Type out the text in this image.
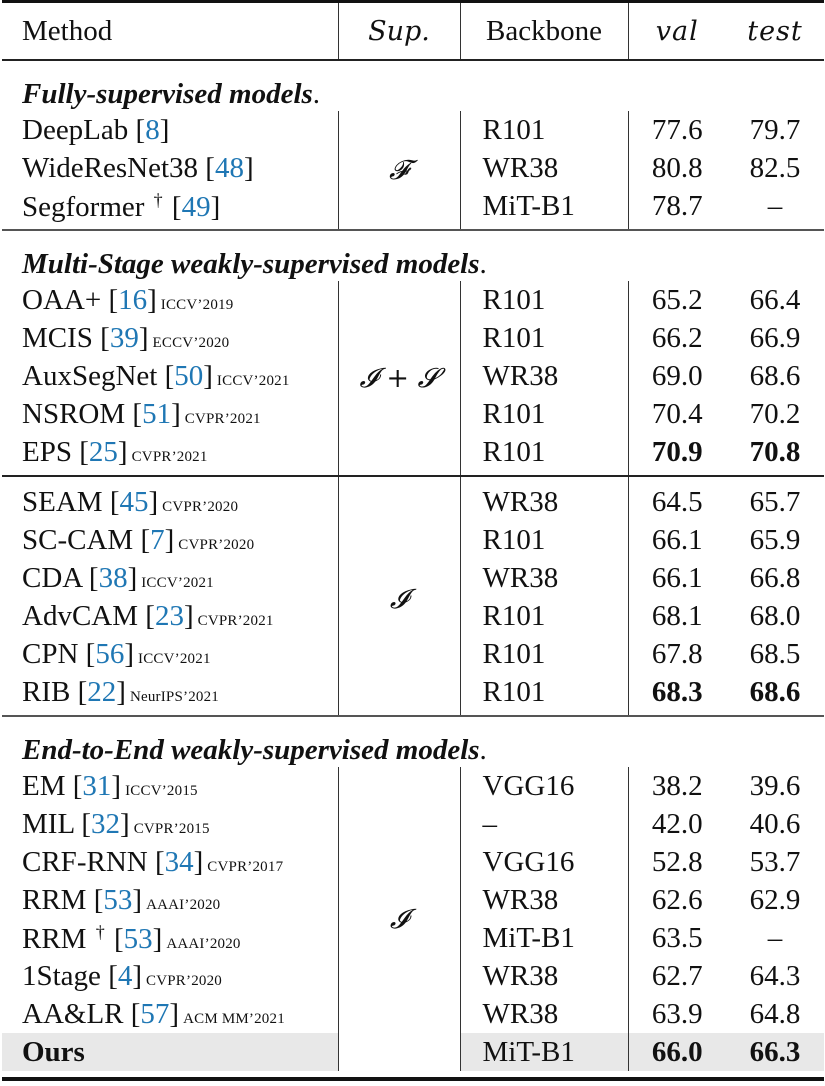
Method	Sup.	Backbone	val	test
Fully-supervised models.				
DeepLab [8]	𝓕	R101	77.6	79.7
WideResNet38 [48]		WR38	80.8	82.5
Segformer † [49]		MiT-B1	78.7	–
Multi-Stage weakly-supervised models.				
OAA+ [16] ICCV’2019	𝓘 + 𝓢	R101	65.2	66.4
MCIS [39] ECCV’2020		R101	66.2	66.9
AuxSegNet [50] ICCV’2021		WR38	69.0	68.6
NSROM [51] CVPR’2021		R101	70.4	70.2
EPS [25] CVPR’2021		R101	70.9	70.8
SEAM [45] CVPR’2020	𝓘	WR38	64.5	65.7
SC-CAM [7] CVPR’2020		R101	66.1	65.9
CDA [38] ICCV’2021		WR38	66.1	66.8
AdvCAM [23] CVPR’2021		R101	68.1	68.0
CPN [56] ICCV’2021		R101	67.8	68.5
RIB [22] NeurIPS’2021		R101	68.3	68.6
End-to-End weakly-supervised models.				
EM [31] ICCV’2015	𝓘	VGG16	38.2	39.6
MIL [32] CVPR’2015		–	42.0	40.6
CRF-RNN [34] CVPR’2017		VGG16	52.8	53.7
RRM [53] AAAI’2020		WR38	62.6	62.9
RRM † [53] AAAI’2020		MiT-B1	63.5	–
1Stage [4] CVPR’2020		WR38	62.7	64.3
AA&LR [57] ACM MM’2021		WR38	63.9	64.8
Ours		MiT-B1	66.0	66.3
